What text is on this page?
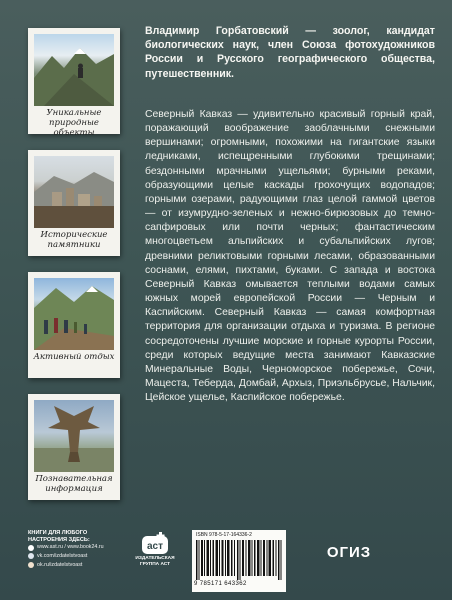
Уникальные природные объекты
Исторические памятники
Активный отдых
Познавательная информация
Владимир Горбатовский — зоолог, кандидат биологических наук, член Союза фотохудожников России и Русского географического общества, путешественник.
Северный Кавказ — удивительно красивый горный край, поражающий воображение заоблачными снежными вершинами; огромными, похожими на гигантские языки ледниками, испещренными глубокими трещинами; бездонными мрачными ущельями; бурными реками, образующими целые каскады грохочущих водопадов; горными озерами, радующими глаз целой гаммой цветов — от изумрудно-зеленых и нежно-бирюзовых до темно-сапфировых или почти черных; фантастическим многоцветьем альпийских и субальпийских лугов; древними реликтовыми горными лесами, образованными соснами, елями, пихтами, буками. С запада и востока Северный Кавказ омывается теплыми водами самых южных морей европейской России — Черным и Каспийским. Северный Кавказ — самая комфортная территория для организации отдыха и туризма. В регионе сосредоточены лучшие морские и горные курорты России, среди которых ведущие места занимают Кавказские Минеральные Воды, Черноморское побережье, Сочи, Мацеста, Теберда, Домбай, Архыз, Приэльбрусье, Нальчик, Цейское ущелье, Каспийское побережье.
КНИГИ ДЛЯ ЛЮБОГО НАСТРОЕНИЯ ЗДЕСЬ:
www.ast.ru / www.book24.ru
vk.com/izdatelstvoast
ok.ru/izdatelstvoast
аст
ИЗДАТЕЛЬСКАЯ ГРУППА АСТ
ISBN 978-5-17-164336-2
9 785171 643362
ОГИЗ
